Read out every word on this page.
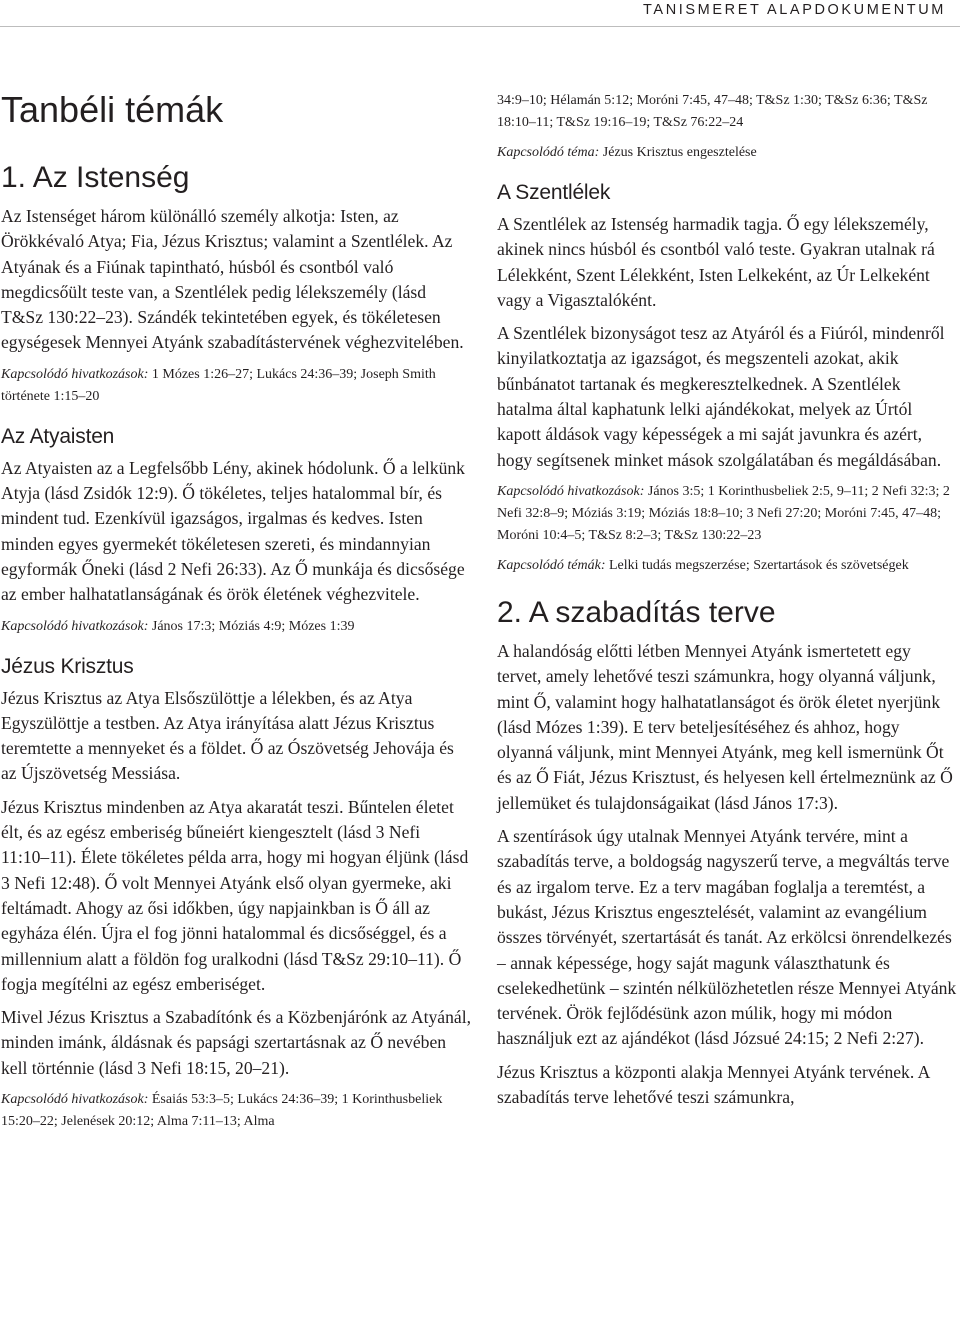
TANISMERET ALAPDOKUMENTUM
Tanbéli témák
1. Az Istenség

Az Istenséget három különálló személy alkotja: Isten, az Örökkévaló Atya; Fia, Jézus Krisztus; valamint a Szentlélek. Az Atyának és a Fiúnak tapintható, húsból és csontból való megdicsőült teste van, a Szentlélek pedig lélekszemély (lásd T&Sz 130:22–23). Szándék tekintetében egyek, és tökéletesen egységesek Mennyei Atyánk szabadítástervének véghezvitelében.

Kapcsolódó hivatkozások: 1 Mózes 1:26–27; Lukács 24:36–39; Joseph Smith története 1:15–20

Az Atyaisten

Az Atyaisten az a Legfelsőbb Lény, akinek hódolunk. Ő a lelkünk Atyja (lásd Zsidók 12:9). Ő tökéletes, teljes hatalommal bír, és mindent tud. Ezenkívül igazságos, irgalmas és kedves. Isten minden egyes gyermekét tökéletesen szereti, és mindannyian egyformák Őneki (lásd 2 Nefi 26:33). Az Ő munkája és dicsősége az ember halhatatlanságának és örök életének véghezvitele.

Kapcsolódó hivatkozások: János 17:3; Móziás 4:9; Mózes 1:39

Jézus Krisztus

Jézus Krisztus az Atya Elsőszülöttje a lélekben, és az Atya Egyszülöttje a testben. Az Atya irányítása alatt Jézus Krisztus teremtette a mennyeket és a földet. Ő az Ószövetség Jehovája és az Újszövetség Messiása.

Jézus Krisztus mindenben az Atya akaratát teszi. Bűntelen életet élt, és az egész emberiség bűneiért kiengesztelt (lásd 3 Nefi 11:10–11). Élete tökéletes példa arra, hogy mi hogyan éljünk (lásd 3 Nefi 12:48). Ő volt Mennyei Atyánk első olyan gyermeke, aki feltámadt. Ahogy az ősi időkben, úgy napjainkban is Ő áll az egyháza élén. Újra el fog jönni hatalommal és dicsőséggel, és a millennium alatt a földön fog uralkodni (lásd T&Sz 29:10–11). Ő fogja megítélni az egész emberiséget.

Mivel Jézus Krisztus a Szabadítónk és a Közbenjárónk az Atyánál, minden imánk, áldásnak és papsági szertartásnak az Ő nevében kell történnie (lásd 3 Nefi 18:15, 20–21).

Kapcsolódó hivatkozások: Ésaiás 53:3–5; Lukács 24:36–39; 1 Korinthusbeliek 15:20–22; Jelenések 20:12; Alma 7:11–13; Alma

34:9–10; Hélamán 5:12; Moróni 7:45, 47–48; T&Sz 1:30; T&Sz 6:36; T&Sz 18:10–11; T&Sz 19:16–19; T&Sz 76:22–24

Kapcsolódó téma: Jézus Krisztus engesztelése

A Szentlélek

A Szentlélek az Istenség harmadik tagja. Ő egy lélekszemély, akinek nincs húsból és csontból való teste. Gyakran utalnak rá Lélekként, Szent Lélekként, Isten Lelkeként, az Úr Lelkeként vagy a Vigasztalóként.

A Szentlélek bizonyságot tesz az Atyáról és a Fiúról, mindenről kinyilatkoztatja az igazságot, és megszenteli azokat, akik bűnbánatot tartanak és megkeresztelkednek. A Szentlélek hatalma által kaphatunk lelki ajándékokat, melyek az Úrtól kapott áldások vagy képességek a mi saját javunkra és azért, hogy segítsenek minket mások szolgálatában és megáldásában.

Kapcsolódó hivatkozások: János 3:5; 1 Korinthusbeliek 2:5, 9–11; 2 Nefi 32:3; 2 Nefi 32:8–9; Móziás 3:19; Móziás 18:8–10; 3 Nefi 27:20; Moróni 7:45, 47–48; Moróni 10:4–5; T&Sz 8:2–3; T&Sz 130:22–23

Kapcsolódó témák: Lelki tudás megszerzése; Szertartások és szövetségek

2. A szabadítás terve

A halandóság előtti létben Mennyei Atyánk ismertetett egy tervet, amely lehetővé teszi számunkra, hogy olyanná váljunk, mint Ő, valamint hogy halhatatlanságot és örök életet nyerjünk (lásd Mózes 1:39). E terv beteljesítéséhez és ahhoz, hogy olyanná váljunk, mint Mennyei Atyánk, meg kell ismernünk Őt és az Ő Fiát, Jézus Krisztust, és helyesen kell értelmeznünk az Ő jellemüket és tulajdonságaikat (lásd János 17:3).

A szentírások úgy utalnak Mennyei Atyánk tervére, mint a szabadítás terve, a boldogság nagyszerű terve, a megváltás terve és az irgalom terve. Ez a terv magában foglalja a teremtést, a bukást, Jézus Krisztus engesztelését, valamint az evangélium összes törvényét, szertartását és tanát. Az erkölcsi önrendelkezés – annak képessége, hogy saját magunk választhatunk és cselekedhetünk – szintén nélkülözhetetlen része Mennyei Atyánk tervének. Örök fejlődésünk azon múlik, hogy mi módon használjuk ezt az ajándékot (lásd Józsué 24:15; 2 Nefi 2:27).

Jézus Krisztus a központi alakja Mennyei Atyánk tervének. A szabadítás terve lehetővé teszi számunkra,
